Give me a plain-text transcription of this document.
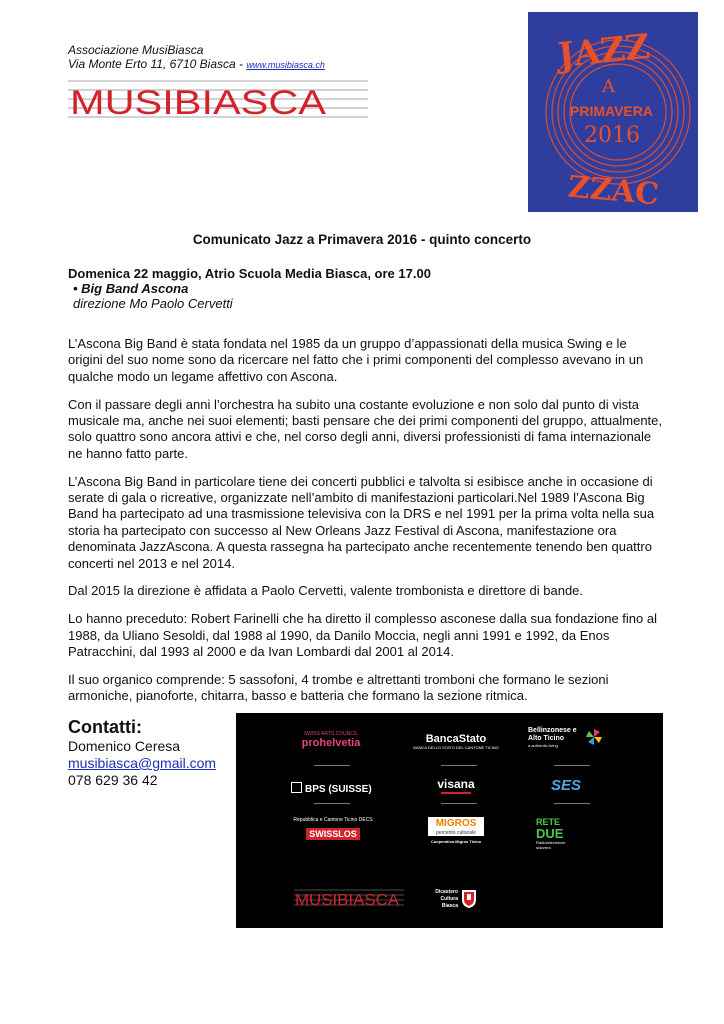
Associazione MusiBiasca
Via Monte Erto 11, 6710 Biasca - www.musibiasca.ch
MUSIBIASCA
JAZZ
A
PRIMAVERA
2016
ZZAC
Comunicato Jazz a Primavera 2016 - quinto concerto
Domenica 22 maggio, Atrio Scuola Media Biasca, ore 17.00
• Big Band Ascona
direzione Mo Paolo Cervetti

L’Ascona Big Band è stata fondata nel 1985 da un gruppo d’appassionati della musica Swing e le origini del suo nome sono da ricercare nel fatto che i primi componenti del complesso avevano in un qualche modo un legame affettivo con Ascona.

Con il passare degli anni l’orchestra ha subito una costante evoluzione e non solo dal punto di vista musicale ma, anche nei suoi elementi; basti pensare che dei primi componenti del gruppo, attualmente, solo quattro sono ancora attivi e che, nel corso degli anni, diversi professionisti di fama internazionale ne hanno fatto parte.

L’Ascona Big Band in particolare tiene dei concerti pubblici e talvolta si esibisce anche in occasione di serate di gala o ricreative, organizzate nell’ambito di manifestazioni particolari.Nel 1989 l’Ascona Big Band ha partecipato ad una trasmissione televisiva con la DRS e nel 1991 per la prima volta nella sua storia ha partecipato con successo al New Orleans Jazz Festival di Ascona, manifestazione ora denominata JazzAscona. A questa rassegna ha partecipato anche recentemente tenendo ben quattro concerti nel 2013 e nel 2014.

Dal 2015 la direzione è affidata a Paolo Cervetti, valente trombonista e direttore di bande.

Lo hanno preceduto: Robert Farinelli che ha diretto il complesso asconese dalla sua fondazione fino al 1988, da Uliano Sesoldi, dal 1988 al 1990, da Danilo Moccia, negli anni 1991 e 1992, da Enos Patracchini, dal 1993 al 2000 e da Ivan Lombardi dal 2001 al 2014.

Il suo organico comprende: 5 sassofoni, 4 trombe e altrettanti tromboni che formano le sezioni armoniche, pianoforte, chitarra, basso e batteria che formano la sezione ritmica.

Contatti:
Domenico Ceresa
musibiasca@gmail.com
078 629 36 42
SWISS ARTS COUNCIL
prohelvetia	BancaStato
BANCA DELLO STATO DEL CANTONE TICINO
Bellinzonese e Alto Ticino
a authentic living
BPS (SUISSE)	visana	SES
Repubblica e Cantone Ticino DECS
SWISSLOS
MIGROS
percento culturale
Cooperativa Migros Ticino
RETE
DUE
Radiotelevisione svizzera
MUSIBIASCA	Dicastero Cultura Biasca
